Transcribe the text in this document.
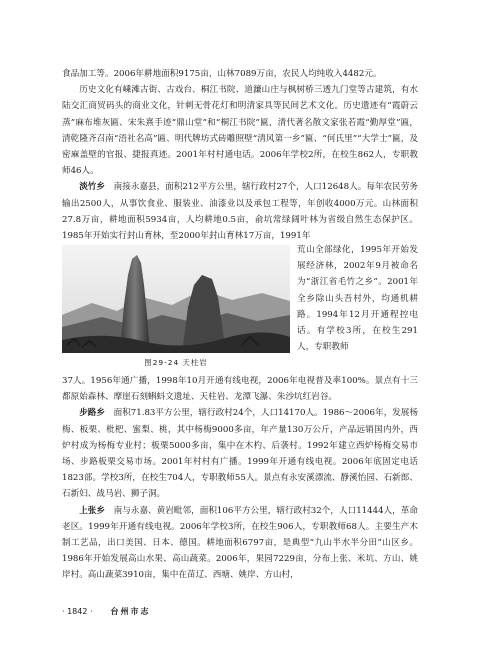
食品加工等。2006年耕地面积9175亩，山林7089万亩，农民人均纯收入4482元。

历史文化有嵊滩古街、古戏台、桐江书院、道濂山庄与枫树桥三透九门堂等古建筑，有水陆交汇商贸码头的商业文化，针刺无骨花灯和明清家具等民间艺术文化。历史遗迹有“霞蔚云蒸”麻布堆灰匾、宋朱熹手迹“鼎山堂”和“桐江书院”匾，清代著名散文家张若霞“勤厚堂”匾，清乾隆齐召南“浯社名高”匾、明代牌坊式砖雕照壁“清风第一乡”匾、“何氏里”“大学士”匾，及密麻盖壁的官报、捷报真迹。2001年村村通电话。2006年学校2所，在校生862人，专职教师46人。

淡竹乡　 南接永嘉县，面积212平方公里，辖行政村27个，人口12648人。每年农民劳务输出2500人，从事饮食业、服装业、油漆业以及承包工程等，年创收4000万元。山林面积27.8万亩，耕地面积5934亩，人均耕地0.5亩，俞坑常绿阔叶林为省级自然生态保护区。1985年开始实行封山育林，至2000年封山育林17万亩，1991年

图29-24 天柱岩
荒山全部绿化，1995年开始发展经济林，2002年9月被命名为“浙江省毛竹之乡”。2001年全乡除山头吾村外，均通机耕路。1994年12月开通程控电话。有学校3所，在校生291人，专职教师

37人。1956年通广播，1998年10月开通有线电视，2006年电视普及率100%。景点有十三都原始森林、摩崖石刻蝌蚪文遗址、天柱岩、龙潭飞瀑、朱沙坑红岩谷。

步路乡　 面积71.83平方公里，辖行政村24个，人口14170人。1986～2006年，发展杨梅、板栗、枇杷、蜜梨、桃，其中杨梅9000多亩，年产量130万公斤，产品远销国内外，西炉村成为杨梅专业村；板栗5000多亩，集中在木杓、后袭村。1992年建立西炉杨梅交易市场、步路板栗交易市场。2001年村村有广播。1999年开通有线电视。2006年底固定电话1823部。学校3所，在校生704人，专职教师55人。景点有永安溪漂流、静溪怡园、石新郎、石新妇、战马岩、狮子洞。

上张乡　 南与永嘉、黄岩毗邻，面积106平方公里，辖行政村32个，人口11444人，革命老区。1999年开通有线电视。2006年学校3所，在校生906人，专职教师68人。主要生产木制工艺品，出口美国、日本、德国。耕地面积6797亩，是典型“九山半水半分田”山区乡。1986年开始发展高山水果、高山蔬菜。2006年，果园7229亩，分布上张、米坑、方山、姚岸村。高山蔬菜3910亩，集中在苗辽、西塘、姚岸、方山村，

· 1842 · 台州市志
